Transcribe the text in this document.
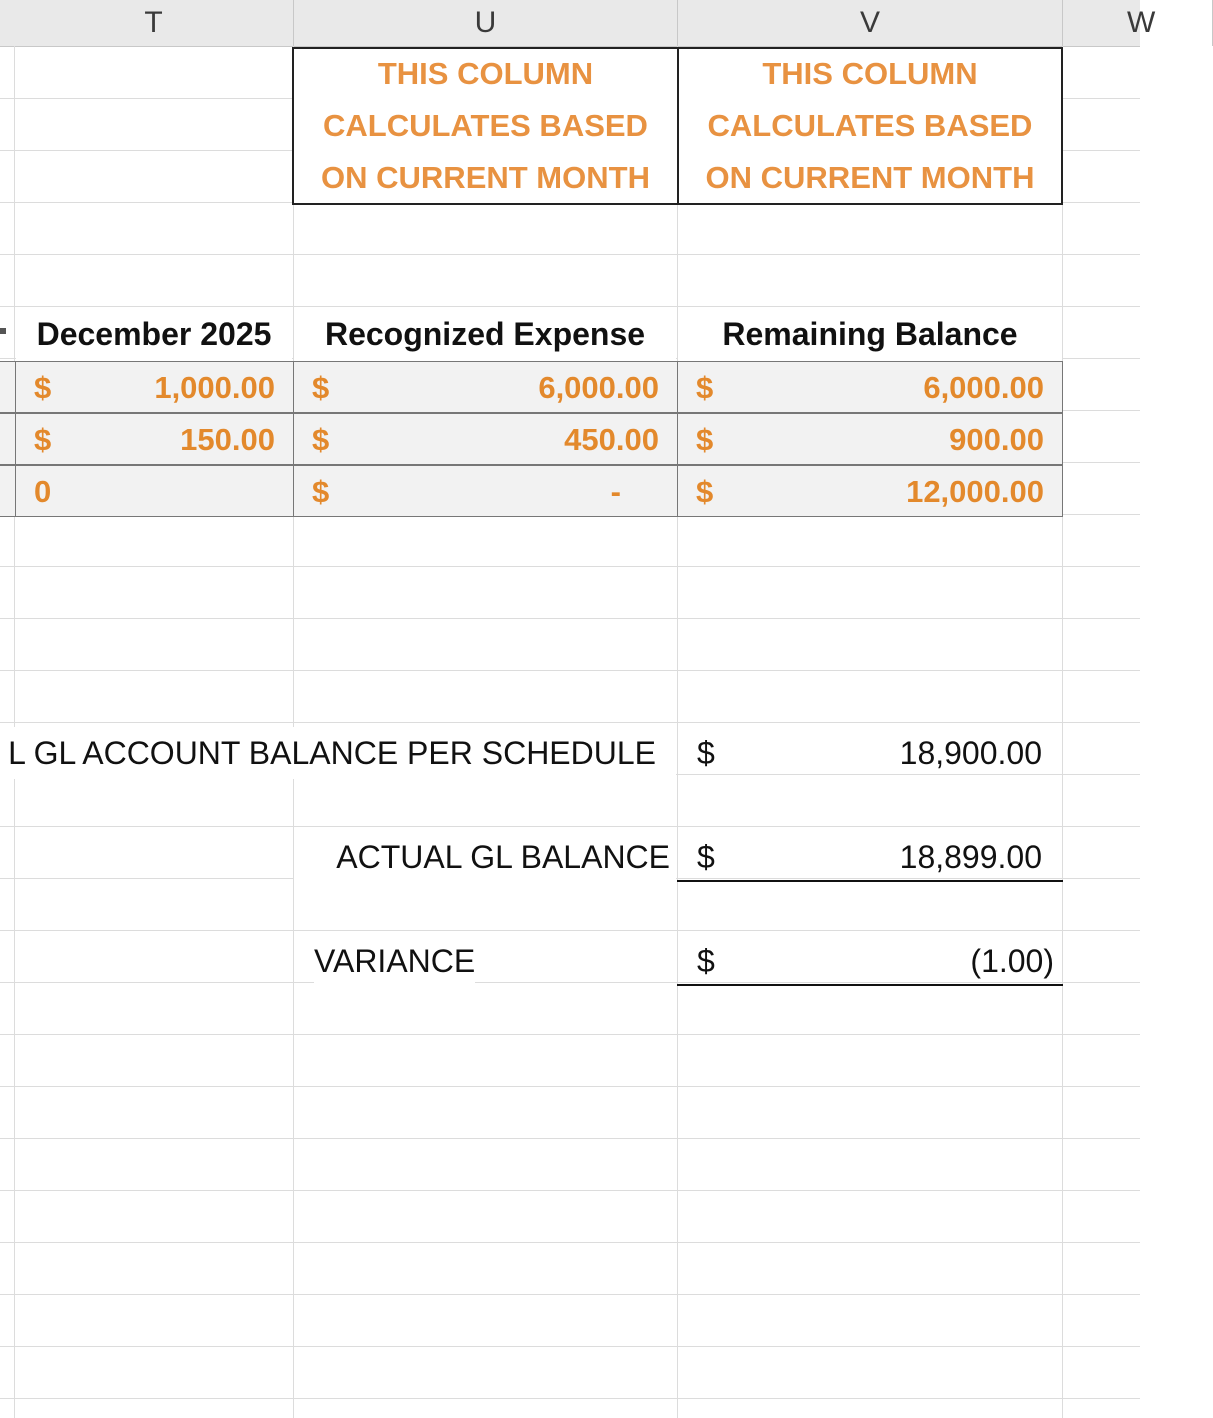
T	U	V	W
THIS COLUMN
CALCULATES BASED
ON CURRENT MONTH
THIS COLUMN
CALCULATES BASED
ON CURRENT MONTH
December 2025	Recognized Expense	Remaining Balance
$	1,000.00 $	6,000.00 $	6,000.00
$	150.00 $	450.00 $	900.00
0	$	- $	12,000.00
L GL ACCOUNT BALANCE PER SCHEDULE	$	18,900.00
ACTUAL GL BALANCE $	18,899.00
VARIANCE	$	(1.00)
